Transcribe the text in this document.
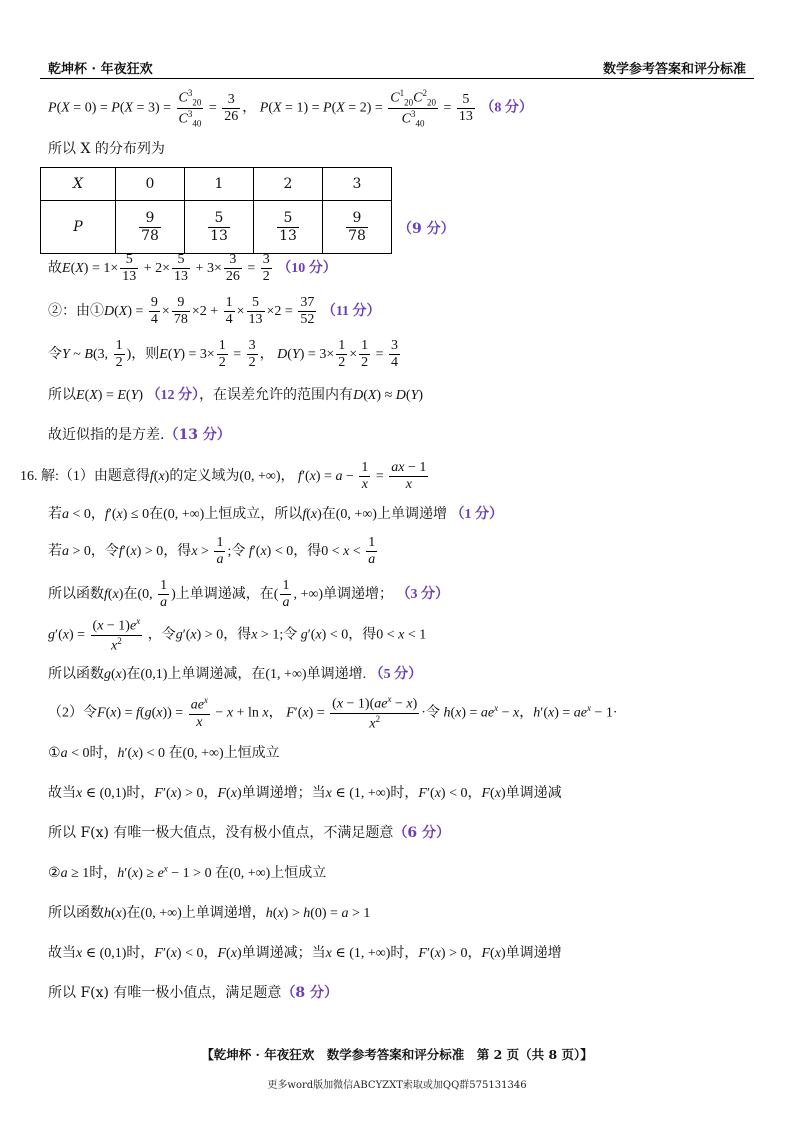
乾坤杯 · 年夜狂欢	数学参考答案和评分标准
$P(X = 0) = P(X = 3) = \frac{C^3_{20}}{C^3_{40}} = \frac{3}{26}$ ， $P(X = 1) = P(X = 2) = \frac{C^1_{20}C^2_{20}}{C^3_{40}} = \frac{5}{13} (8$ 分）
所以 X 的分布列为
X	0	1	2	3
P	$\frac{9}{78}$	$\frac{5}{13}$	$\frac{5}{13}$	$\frac{9}{78} (9$ 分）
故$E(X) = 1\times \frac{5}{13} + 2\times \frac{5}{13} + 3\times \frac{3}{26} = \frac{3}{2} (10$ 分）
②：由①D(X) = $\frac{9}{4} \times \frac{9}{78} \times 2 + \frac{1}{4} \times \frac{5}{13} \times 2 = \frac{37}{52} (11$ 分）
令Y ~ B(3, $\frac{1}{2}$ )，则$E(Y) = 3\times \frac{1}{2} = \frac{3}{2}$ ， $D(Y) = 3\times \frac{1}{2} \times \frac{1}{2} = \frac{3}{4}$
所以E(X) = E(Y) （12 分），在误差允许的范围内有D(X) ≈ D(Y)
故近似指的是方差.（13 分）
16. 解:（1）由题意得f(x)的定义域为(0, +∞)， $f'(x) = a - \frac{1}{x} = \frac{ax - 1}{x}$
若a < 0，f′(x) ≤ 0在(0, +∞)上恒成立，所以f(x)在(0, +∞)上单调递增 （1 分）
若a > 0，令f′(x) > 0，得$x > \frac{1}{a}$ ;令 f′(x) < 0，得$0 < x < \frac{1}{a}$
所以函数f(x)在(0, $\frac{1}{a}$ )上单调递减，在( $\frac{1}{a}$ , +∞)单调递增； （3 分）
$g'(x) = \frac{(x - 1)e^x}{x^2}$ ，令g′(x) > 0，得x > 1;令 g′(x) < 0，得0 < x < 1
所以函数g(x)在(0,1)上单调递减，在(1, +∞)单调递增. （5 分）
（2）令$F(x) = f(g(x)) = \frac{ae^x}{x} - x + \ln x$， $F'(x) = \frac{(x - 1)(ae^x - x)}{x^2}$ ·令 $h(x) = ae^x - x$，$h'(x) = ae^x - 1\cdot$
①a < 0时，h′(x) < 0 在(0, +∞)上恒成立
故当x ∈ (0,1)时，F′(x) > 0，F(x)单调递增；当x ∈ (1, +∞)时，F′(x) < 0，F(x)单调递减
所以 F(x) 有唯一极大值点，没有极小值点，不满足题意（6 分）
②a ≥ 1时，$h'(x) \ge e^x - 1 > 0$ 在(0, +∞)上恒成立
所以函数h(x)在(0, +∞)上单调递增，h(x) > h(0) = a > 1
故当x ∈ (0,1)时，F′(x) < 0，F(x)单调递减；当x ∈ (1, +∞)时，F′(x) > 0，F(x)单调递增
所以 F(x) 有唯一极小值点，满足题意（8 分）
【乾坤杯 · 年夜狂欢　数学参考答案和评分标准　第 2 页（共 8 页）】
更多word版加微信ABCYZXT索取或加QQ群575131346
